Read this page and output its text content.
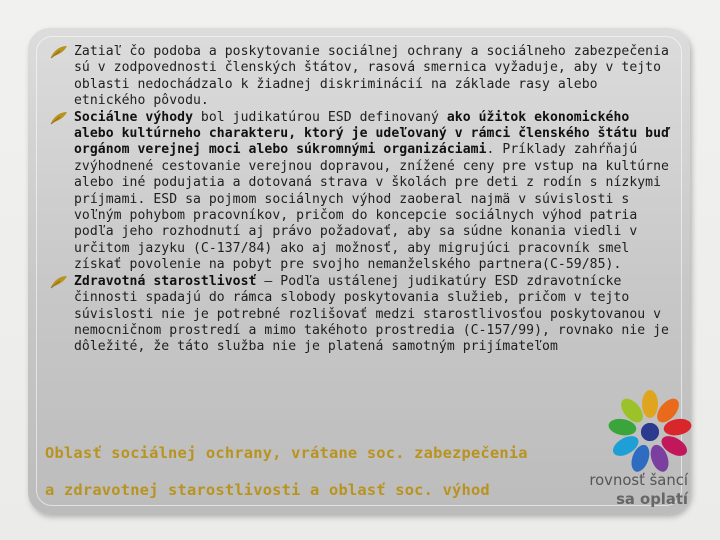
Zatiaľ čo podoba a poskytovanie sociálnej ochrany a sociálneho zabezpečenia sú v zodpovednosti členských štátov, rasová smernica vyžaduje, aby v tejto oblasti nedochádzalo k žiadnej diskriminácií na základe rasy alebo etnického pôvodu.
Sociálne výhody bol judikatúrou ESD definovaný ako úžitok ekonomického alebo kultúrneho charakteru, ktorý je udeľovaný v rámci členského štátu buď orgánom verejnej moci alebo súkromnými organizáciami. Príklady zahŕňajú zvýhodnené cestovanie verejnou dopravou, znížené ceny pre vstup na kultúrne alebo iné podujatia a dotovaná strava v školách pre deti z rodín s nízkymi príjmami. ESD sa pojmom sociálnych výhod zaoberal najmä v súvislosti s voľným pohybom pracovníkov, pričom do koncepcie sociálnych výhod patria podľa jeho rozhodnutí aj právo požadovať, aby sa súdne konania viedli v určitom jazyku (C-137/84) ako aj možnosť, aby migrujúci pracovník smel získať povolenie na pobyt pre svojho nemanželského partnera(C-59/85).
Zdravotná starostlivosť – Podľa ustálenej judikatúry ESD zdravotnícke činnosti spadajú do rámca slobody poskytovania služieb, pričom v tejto súvislosti nie je potrebné rozlišovať medzi starostlivosťou poskytovanou v nemocničnom prostredí a mimo takéhoto prostredia (C-157/99), rovnako nie je dôležité, že táto služba nie je platená samotným prijímateľom
Oblasť sociálnej ochrany, vrátane soc. zabezpečenia
a zdravotnej starostlivosti a oblasť soc. výhod
rovnosť šancí
sa oplatí
